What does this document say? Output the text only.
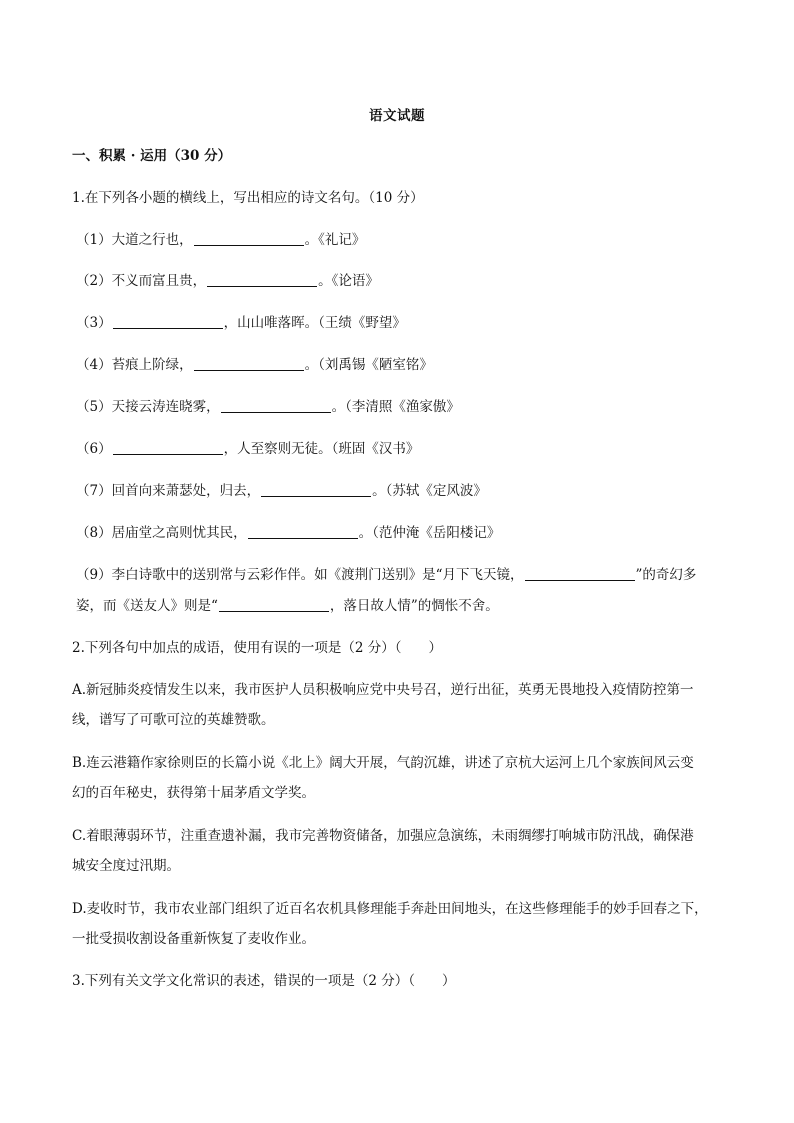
语文试题
一、积累 · 运用（30 分）
1.在下列各小题的横线上，写出相应的诗文名句。（10 分）
（1）大道之行也，	。《礼记》
（2）不义而富且贵，	。《论语》
（3）	，山山唯落晖。（王绩《野望》
（4）苔痕上阶绿，	。（刘禹锡《陋室铭》
（5）天接云涛连晓雾，	。（李清照《渔家傲》
（6）	，人至察则无徒。（班固《汉书》
（7）回首向来萧瑟处，归去，	。（苏轼《定风波》
（8）居庙堂之高则忧其民，	。（范仲淹《岳阳楼记》
（9）李白诗歌中的送别常与云彩作伴。如《渡荆门送别》是“月下飞天镜，	”的奇幻多
姿，而《送友人》则是“	，落日故人情”的惆怅不舍。
2.下列各句中加点的成语，使用有误的一项是（2 分）（　　）
A.新冠肺炎疫情发生以来，我市医护人员积极响应党中央号召，逆行出征，英勇无畏地投入疫情防控第一
线，谱写了可歌可泣的英雄赞歌。
B.连云港籍作家徐则臣的长篇小说《北上》阔大开展，气韵沉雄，讲述了京杭大运河上几个家族间风云变
幻的百年秘史，获得第十届茅盾文学奖。
C.着眼薄弱环节，注重查遗补漏，我市完善物资储备，加强应急演练，未雨绸缪打响城市防汛战，确保港
城安全度过汛期。
D.麦收时节，我市农业部门组织了近百名农机具修理能手奔赴田间地头，在这些修理能手的妙手回春之下，
一批受损收割设备重新恢复了麦收作业。
3.下列有关文学文化常识的表述，错误的一项是（2 分）（　　）
